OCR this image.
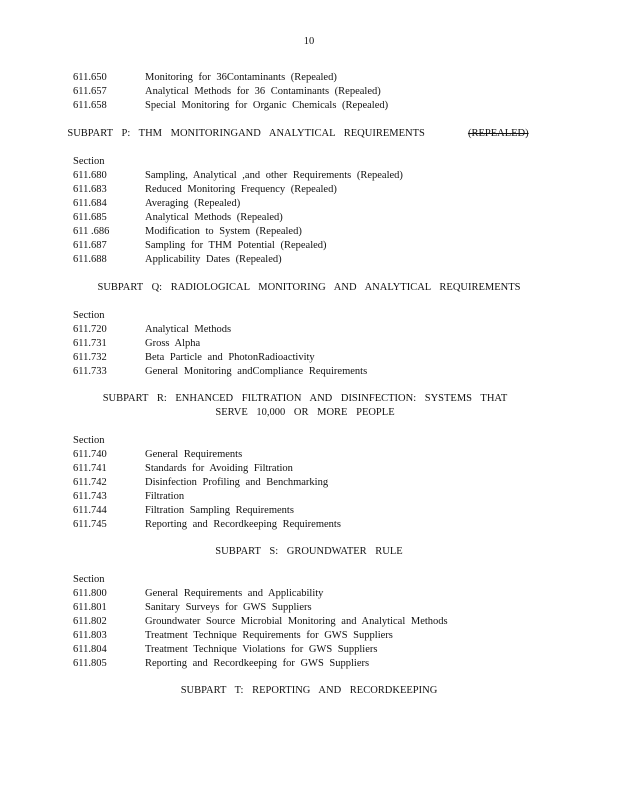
10
611.650	Monitoring for 36Contaminants (Repealed)
611.657	Analytical Methods for 36 Contaminants (Repealed)
611.658	Special Monitoring for Organic Chemicals (Repealed)
SUBPART P: THM MONITORINGAND ANALYTICAL REQUIREMENTS	(REPEALED)
Section
611.680	Sampling, Analytical ,and other Requirements (Repealed)
611.683	Reduced Monitoring Frequency (Repealed)
611.684	Averaging (Repealed)
611.685	Analytical Methods (Repealed)
611 .686	Modification to System (Repealed)
611.687	Sampling for THM Potential (Repealed)
611.688	Applicability Dates (Repealed)
SUBPART Q: RADIOLOGICAL MONITORING AND ANALYTICAL REQUIREMENTS
Section
611.720	Analytical Methods
611.731	Gross Alpha
611.732	Beta Particle and PhotonRadioactivity
611.733	General Monitoring andCompliance Requirements
SUBPART R: ENHANCED FILTRATION AND DISINFECTION: SYSTEMS THAT SERVE 10,000 OR MORE PEOPLE
Section
611.740	General Requirements
611.741	Standards for Avoiding Filtration
611.742	Disinfection Profiling and Benchmarking
611.743	Filtration
611.744	Filtration Sampling Requirements
611.745	Reporting and Recordkeeping Requirements
SUBPART S: GROUNDWATER RULE
Section
611.800	General Requirements and Applicability
611.801	Sanitary Surveys for GWS Suppliers
611.802	Groundwater Source Microbial Monitoring and Analytical Methods
611.803	Treatment Technique Requirements for GWS Suppliers
611.804	Treatment Technique Violations for GWS Suppliers
611.805	Reporting and Recordkeeping for GWS Suppliers
SUBPART T: REPORTING AND RECORDKEEPING
